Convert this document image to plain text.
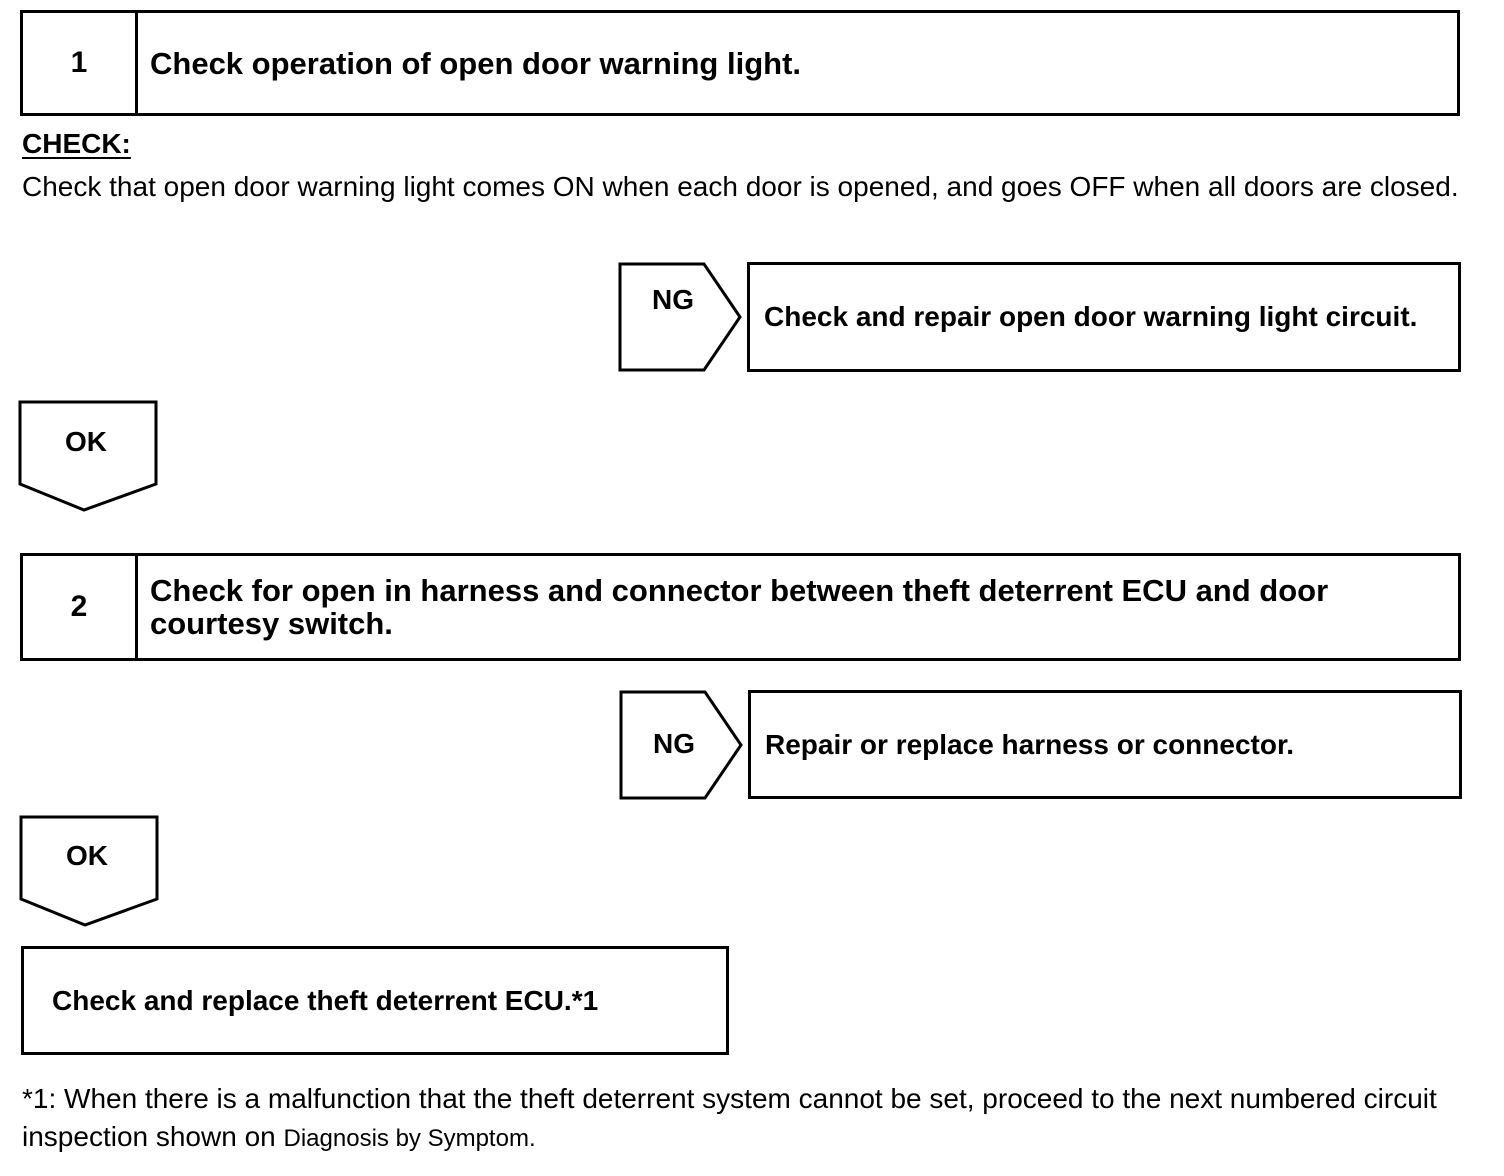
1	Check operation of open door warning light.
CHECK:
Check that open door warning light comes ON when each door is opened, and goes OFF when all doors are closed.
NG
Check and repair open door warning light circuit.
OK
2	Check for open in harness and connector between theft deterrent ECU and door courtesy switch.
NG	Repair or replace harness or connector.
OK
Check and replace theft deterrent ECU.*1
*1: When there is a malfunction that the theft deterrent system cannot be set, proceed to the next numbered circuit inspection shown on Diagnosis by Symptom.
